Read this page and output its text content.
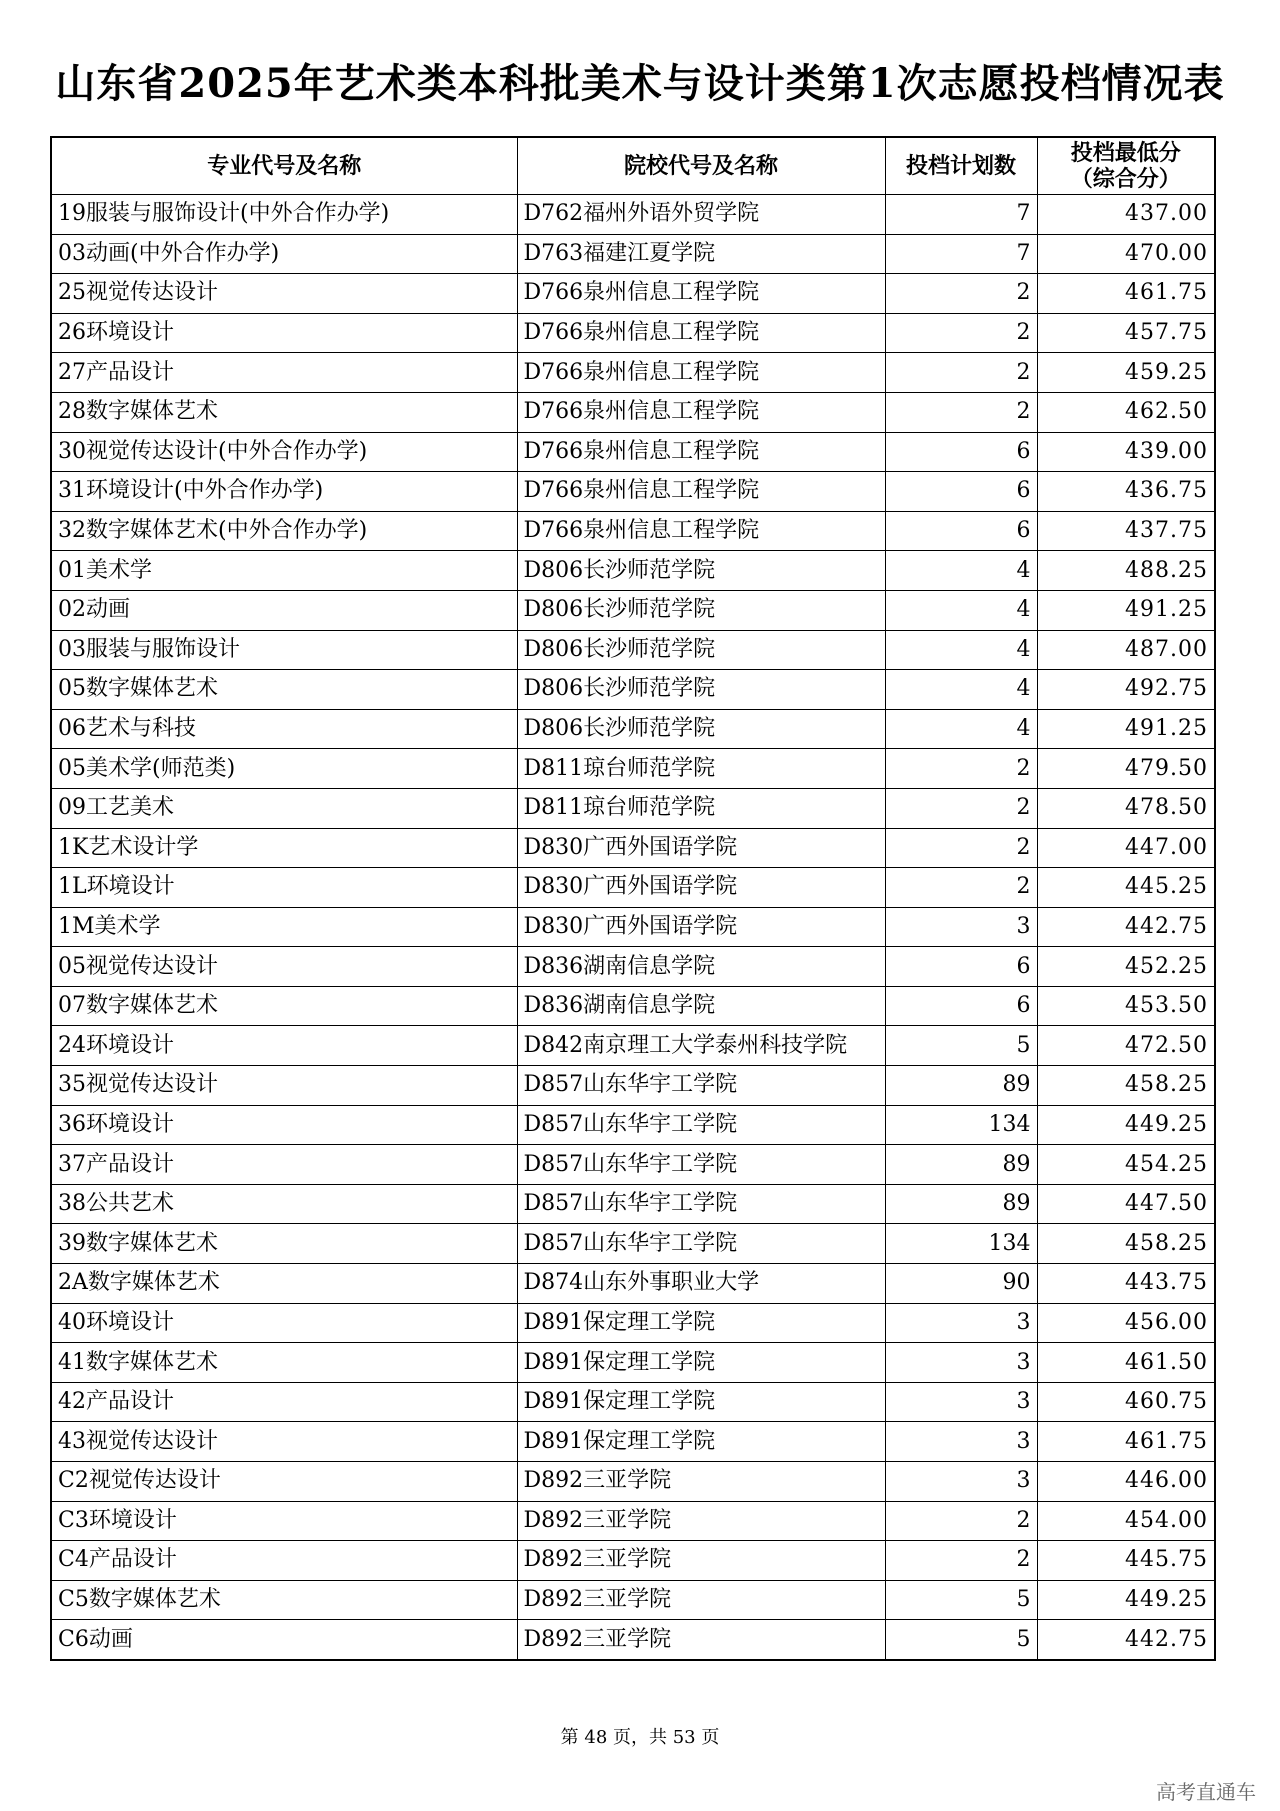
山东省2025年艺术类本科批美术与设计类第1次志愿投档情况表
专业代号及名称	院校代号及名称	投档计划数	投档最低分
（综合分）

19服装与服饰设计(中外合作办学)	D762福州外语外贸学院	7	437.00
03动画(中外合作办学)	D763福建江夏学院	7	470.00
25视觉传达设计	D766泉州信息工程学院	2	461.75
26环境设计	D766泉州信息工程学院	2	457.75
27产品设计	D766泉州信息工程学院	2	459.25
28数字媒体艺术	D766泉州信息工程学院	2	462.50
30视觉传达设计(中外合作办学)	D766泉州信息工程学院	6	439.00
31环境设计(中外合作办学)	D766泉州信息工程学院	6	436.75
32数字媒体艺术(中外合作办学)	D766泉州信息工程学院	6	437.75
01美术学	D806长沙师范学院	4	488.25
02动画	D806长沙师范学院	4	491.25
03服装与服饰设计	D806长沙师范学院	4	487.00
05数字媒体艺术	D806长沙师范学院	4	492.75
06艺术与科技	D806长沙师范学院	4	491.25
05美术学(师范类)	D811琼台师范学院	2	479.50
09工艺美术	D811琼台师范学院	2	478.50
1K艺术设计学	D830广西外国语学院	2	447.00
1L环境设计	D830广西外国语学院	2	445.25
1M美术学	D830广西外国语学院	3	442.75
05视觉传达设计	D836湖南信息学院	6	452.25
07数字媒体艺术	D836湖南信息学院	6	453.50
24环境设计	D842南京理工大学泰州科技学院	5	472.50
35视觉传达设计	D857山东华宇工学院	89	458.25
36环境设计	D857山东华宇工学院	134	449.25
37产品设计	D857山东华宇工学院	89	454.25
38公共艺术	D857山东华宇工学院	89	447.50
39数字媒体艺术	D857山东华宇工学院	134	458.25
2A数字媒体艺术	D874山东外事职业大学	90	443.75
40环境设计	D891保定理工学院	3	456.00
41数字媒体艺术	D891保定理工学院	3	461.50
42产品设计	D891保定理工学院	3	460.75
43视觉传达设计	D891保定理工学院	3	461.75
C2视觉传达设计	D892三亚学院	3	446.00
C3环境设计	D892三亚学院	2	454.00
C4产品设计	D892三亚学院	2	445.75
C5数字媒体艺术	D892三亚学院	5	449.25
C6动画	D892三亚学院	5	442.75
第 48 页，共 53 页
高考直通车
